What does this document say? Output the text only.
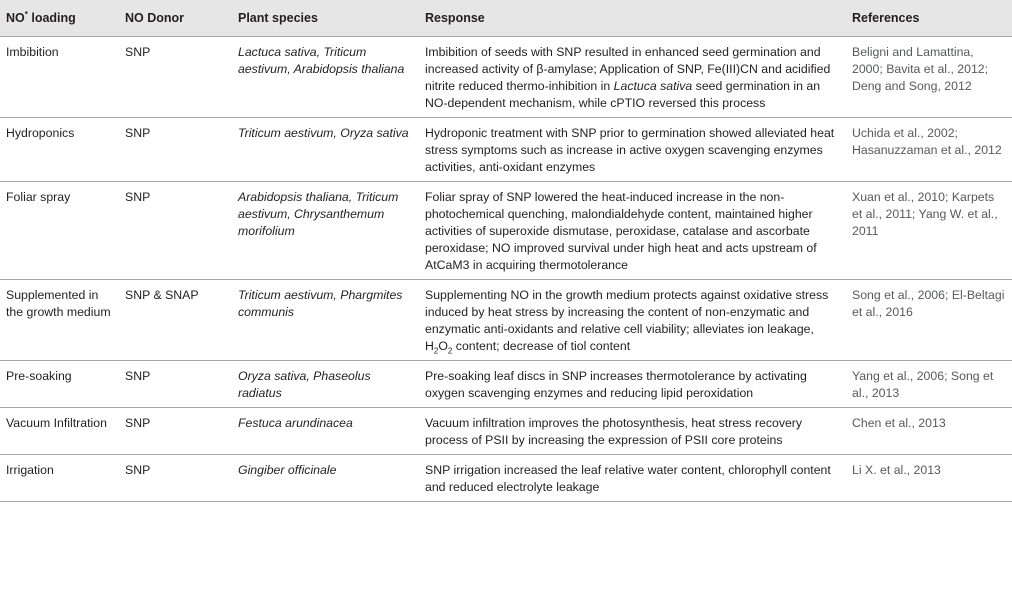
NO* loading	NO Donor	Plant species	Response	References
Imbibition	SNP	Lactuca sativa, Triticum aestivum, Arabidopsis thaliana	Imbibition of seeds with SNP resulted in enhanced seed germination and increased activity of β-amylase; Application of SNP, Fe(III)CN and acidified nitrite reduced thermo-inhibition in Lactuca sativa seed germination in an NO-dependent mechanism, while cPTIO reversed this process	Beligni and Lamattina, 2000; Bavita et al., 2012; Deng and Song, 2012
Hydroponics	SNP	Triticum aestivum, Oryza sativa	Hydroponic treatment with SNP prior to germination showed alleviated heat stress symptoms such as increase in active oxygen scavenging enzymes activities, anti-oxidant enzymes	Uchida et al., 2002; Hasanuzzaman et al., 2012
Foliar spray	SNP	Arabidopsis thaliana, Triticum aestivum, Chrysanthemum morifolium	Foliar spray of SNP lowered the heat-induced increase in the non-photochemical quenching, malondialdehyde content, maintained higher activities of superoxide dismutase, peroxidase, catalase and ascorbate peroxidase; NO improved survival under high heat and acts upstream of AtCaM3 in acquiring thermotolerance	Xuan et al., 2010; Karpets et al., 2011; Yang W. et al., 2011
Supplemented in the growth medium	SNP & SNAP	Triticum aestivum, Phargmites communis	Supplementing NO in the growth medium protects against oxidative stress induced by heat stress by increasing the content of non-enzymatic and enzymatic anti-oxidants and relative cell viability; alleviates ion leakage, $H_2O_2$ content; decrease of tiol content	Song et al., 2006; El-Beltagi et al., 2016
Pre-soaking	SNP	Oryza sativa, Phaseolus radiatus	Pre-soaking leaf discs in SNP increases thermotolerance by activating oxygen scavenging enzymes and reducing lipid peroxidation	Yang et al., 2006; Song et al., 2013
Vacuum Infiltration	SNP	Festuca arundinacea	Vacuum infiltration improves the photosynthesis, heat stress recovery process of PSII by increasing the expression of PSII core proteins	Chen et al., 2013
Irrigation	SNP	Gingiber officinale	SNP irrigation increased the leaf relative water content, chlorophyll content and reduced electrolyte leakage	Li X. et al., 2013
